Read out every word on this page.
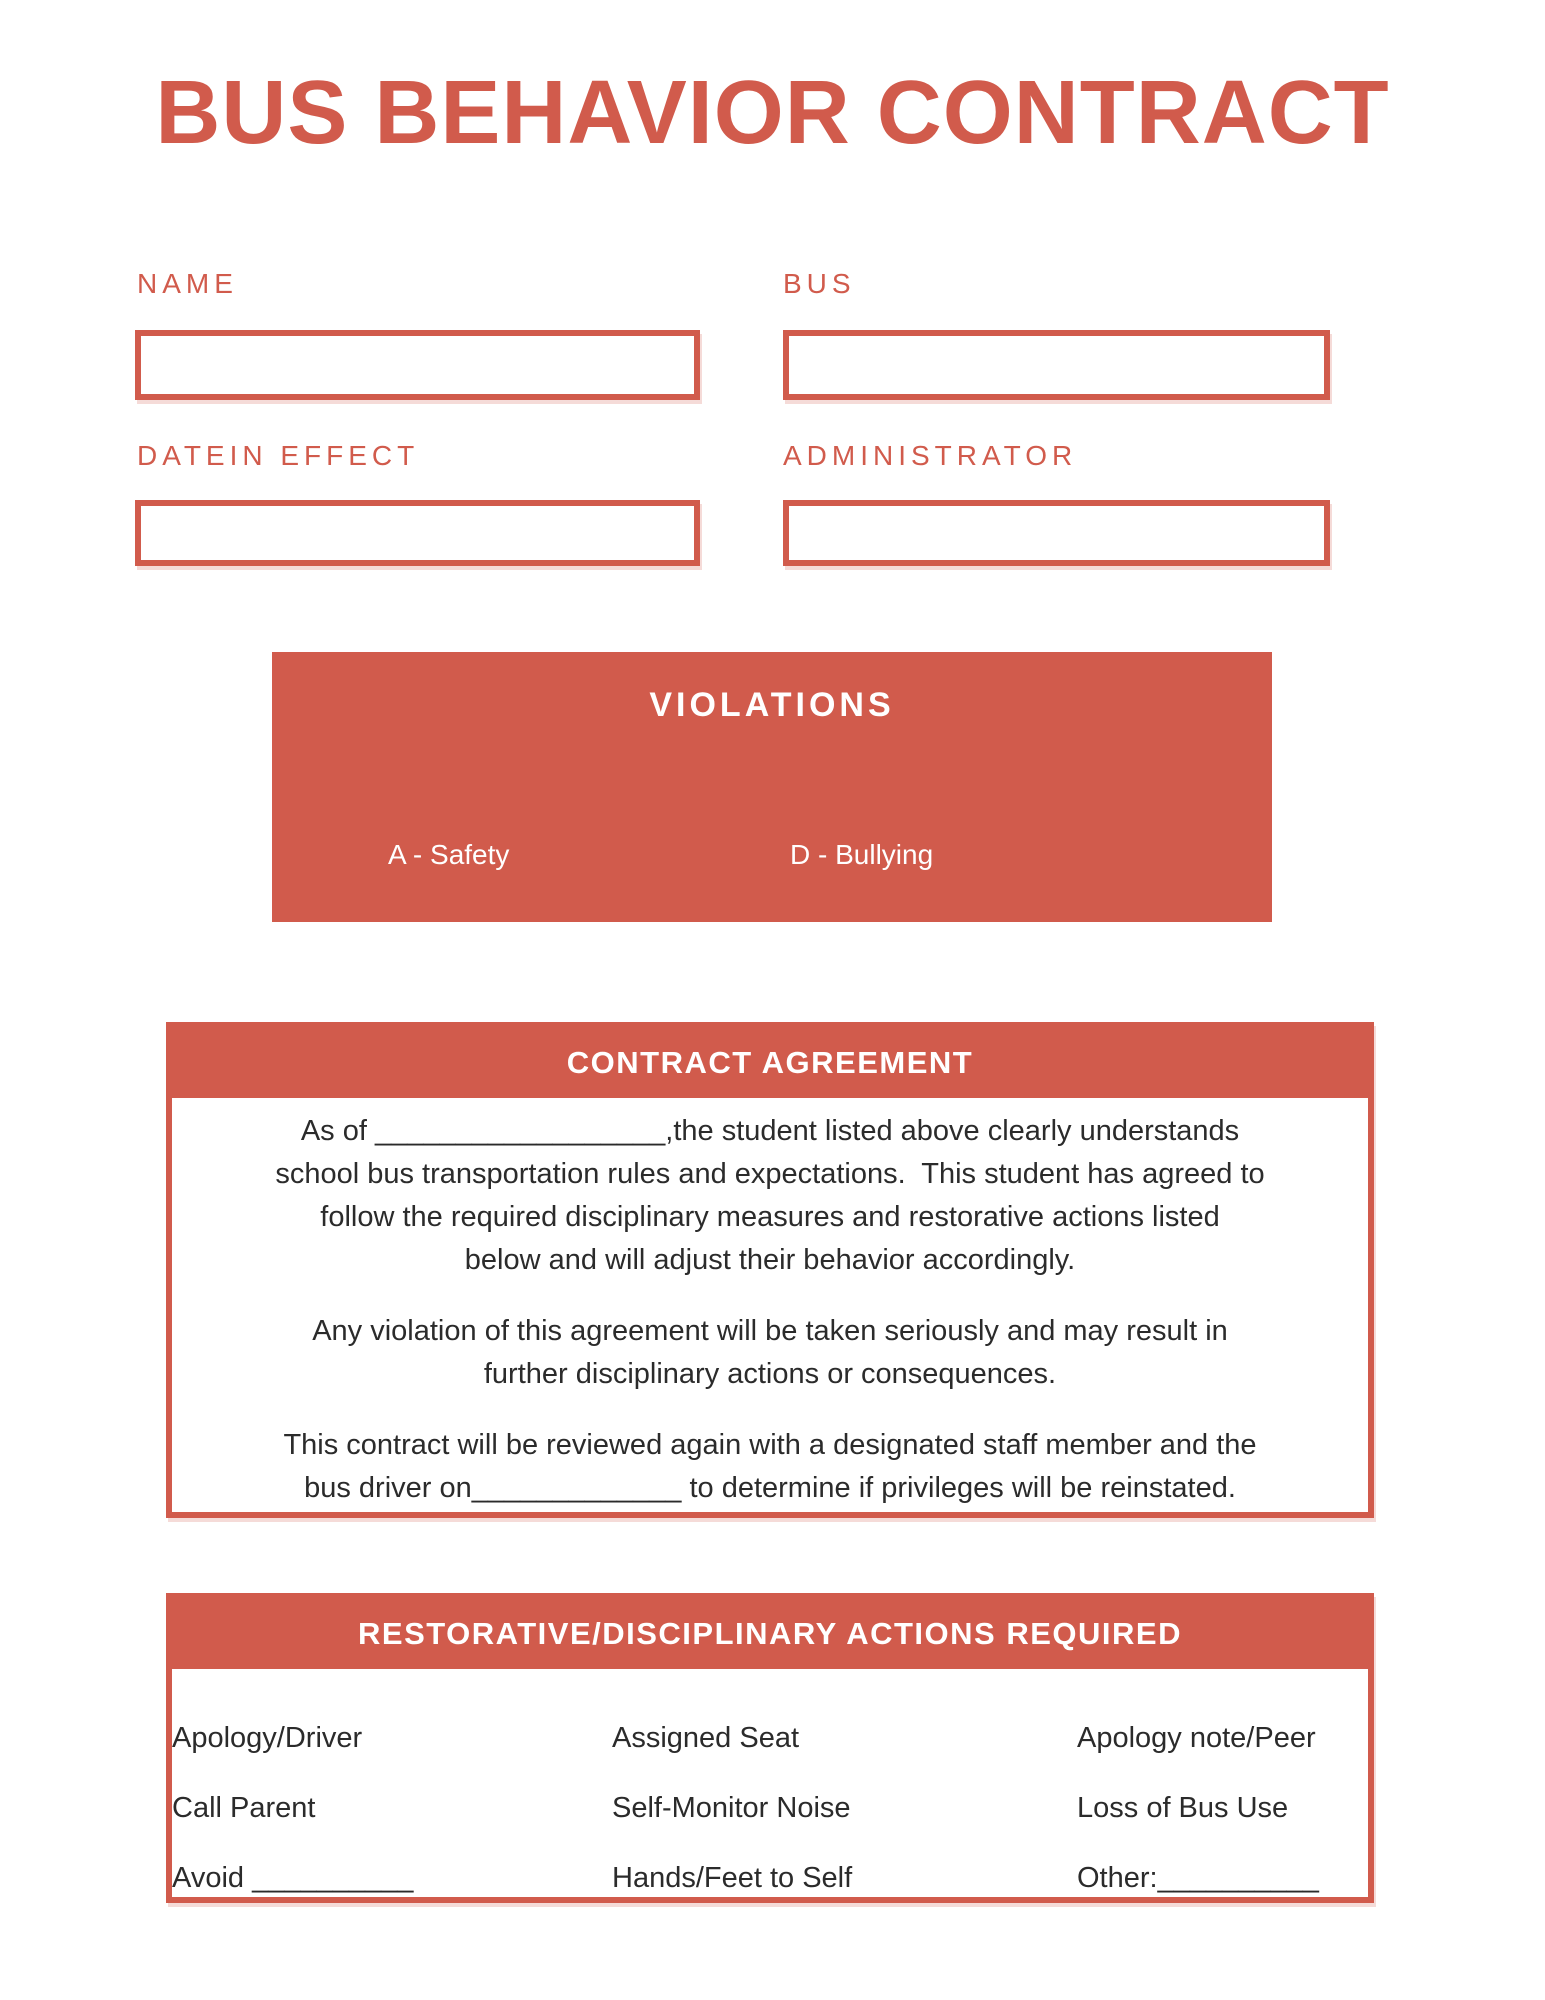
BUS BEHAVIOR CONTRACT
NAME	BUS
DATEIN EFFECT	ADMINISTRATOR
VIOLATIONS

A - Safety

B-  Seating

D - Bullying

E - Excessive Noise

CONTRACT AGREEMENT
As of __________________,the student listed above clearly understands
school bus transportation rules and expectations.  This student has agreed to
follow the required disciplinary measures and restorative actions listed
below and will adjust their behavior accordingly.
Any violation of this agreement will be taken seriously and may result in
further disciplinary actions or consequences.
This contract will be reviewed again with a designated staff member and the
bus driver on_____________ to determine if privileges will be reinstated.
RESTORATIVE/DISCIPLINARY ACTIONS REQUIRED
Apology/Driver	Assigned Seat	Apology note/Peer
Call Parent	Self-Monitor Noise	Loss of Bus Use
Avoid __________	Hands/Feet to Self	Other:__________
